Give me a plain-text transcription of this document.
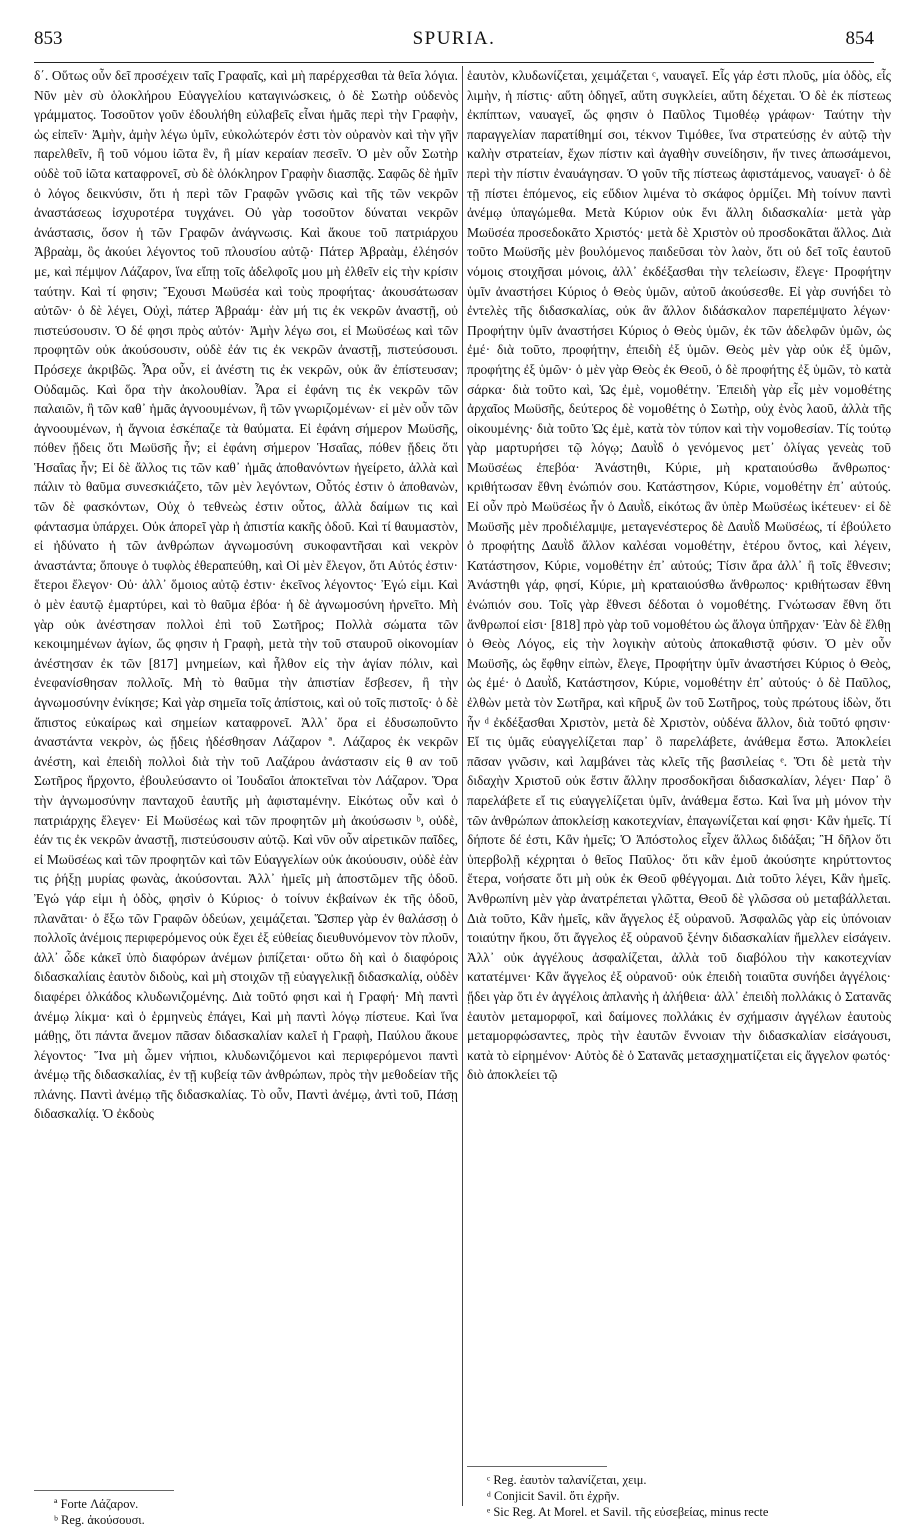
853	SPURIA.	854

δ΄. Οὕτως οὖν δεῖ προσέχειν ταῖς Γραφαῖς, καὶ μὴ παρέρχεσθαι τὰ θεῖα λόγια. Νῦν μὲν σὺ ὁλοκλήρου Εὐαγγελίου καταγινώσκεις, ὁ δὲ Σωτὴρ οὐδενὸς γράμματος. Τοσοῦτον γοῦν ἐδουλήθη εὐλαβεῖς εἶναι ἡμᾶς περὶ τὴν Γραφὴν, ὡς εἰπεῖν· Ἀμὴν, ἀμὴν λέγω ὑμῖν, εὐκολώτερόν ἐστι τὸν οὐρανὸν καὶ τὴν γῆν παρελθεῖν, ἢ τοῦ νόμου ἰῶτα ἓν, ἢ μίαν κεραίαν πεσεῖν. Ὁ μὲν οὖν Σωτὴρ οὐδὲ τοῦ ἰῶτα καταφρονεῖ, σὺ δὲ ὁλόκληρον Γραφὴν διασπᾷς. Σαφῶς δὲ ἡμῖν ὁ λόγος δεικνύσιν, ὅτι ἡ περὶ τῶν Γραφῶν γνῶσις καὶ τῆς τῶν νεκρῶν ἀναστάσεως ἰσχυροτέρα τυγχάνει. Οὐ γὰρ τοσοῦτον δύναται νεκρῶν ἀνάστασις, ὅσον ἡ τῶν Γραφῶν ἀνάγνωσις. Καὶ ἄκουε τοῦ πατριάρχου Ἀβραὰμ, ὃς ἀκούει λέγοντος τοῦ πλουσίου αὐτῷ· Πάτερ Ἀβραὰμ, ἐλέησόν με, καὶ πέμψον Λάζαρον, ἵνα εἴπῃ τοῖς ἀδελφοῖς μου μὴ ἐλθεῖν εἰς τὴν κρίσιν ταύτην. Καὶ τί φησιν; Ἔχουσι Μωϋσέα καὶ τοὺς προφήτας· ἀκουσάτωσαν αὐτῶν· ὁ δὲ λέγει, Οὐχὶ, πάτερ Ἀβραάμ· ἐὰν μή τις ἐκ νεκρῶν ἀναστῇ, οὐ πιστεύσουσιν. Ὁ δέ φησι πρὸς αὐτόν· Ἀμὴν λέγω σοι, εἰ Μωϋσέως καὶ τῶν προφητῶν οὐκ ἀκούσουσιν, οὐδὲ ἐάν τις ἐκ νεκρῶν ἀναστῇ, πιστεύσουσι. Πρόσεχε ἀκριβῶς. Ἆρα οὖν, εἰ ἀνέστη τις ἐκ νεκρῶν, οὐκ ἂν ἐπίστευσαν; Οὐδαμῶς. Καὶ ὅρα τὴν ἀκολουθίαν. Ἆρα εἰ ἐφάνη τις ἐκ νεκρῶν τῶν παλαιῶν, ἢ τῶν καθ᾽ ἡμᾶς ἀγνοουμένων, ἢ τῶν γνωριζομένων· εἰ μὲν οὖν τῶν ἀγνοουμένων, ἡ ἄγνοια ἐσκέπαζε τὰ θαύματα. Εἰ ἐφάνη σήμερον Μωϋσῆς, πόθεν ᾔδεις ὅτι Μωϋσῆς ἦν; εἰ ἐφάνη σήμερον Ἡσαΐας, πόθεν ᾔδεις ὅτι Ἡσαΐας ἦν; Εἰ δὲ ἄλλος τις τῶν καθ᾽ ἡμᾶς ἀποθανόντων ἠγείρετο, ἀλλὰ καὶ πάλιν τὸ θαῦμα συνεσκιάζετο, τῶν μὲν λεγόντων, Οὗτός ἐστιν ὁ ἀποθανὼν, τῶν δὲ φασκόντων, Οὐχ ὁ τεθνεὼς ἐστιν οὗτος, ἀλλὰ δαίμων τις καὶ φάντασμα ὑπάρχει. Οὐκ ἀπορεῖ γὰρ ἡ ἀπιστία κακῆς ὁδοῦ. Καὶ τί θαυμαστὸν, εἰ ἠδύνατο ἡ τῶν ἀνθρώπων ἀγνωμοσύνη συκοφαντῆσαι καὶ νεκρὸν ἀναστάντα; ὅπουγε ὁ τυφλὸς ἐθεραπεύθη, καὶ Οἱ μὲν ἔλεγον, ὅτι Αὐτός ἐστιν· ἕτεροι ἔλεγον· Οὐ· ἀλλ᾽ ὅμοιος αὐτῷ ἐστιν· ἐκεῖνος λέγοντος· Ἐγώ εἰμι. Καὶ ὁ μὲν ἑαυτῷ ἐμαρτύρει, καὶ τὸ θαῦμα ἐβόα· ἡ δὲ ἀγνωμοσύνη ἠρνεῖτο. Μὴ γὰρ οὐκ ἀνέστησαν πολλοὶ ἐπὶ τοῦ Σωτῆρος; Πολλὰ σώματα τῶν κεκοιμημένων ἁγίων, ὥς φησιν ἡ Γραφὴ, μετὰ τὴν τοῦ σταυροῦ οἰκονομίαν ἀνέστησαν ἐκ τῶν [817] μνημείων, καὶ ἦλθον εἰς τὴν ἁγίαν πόλιν, καὶ ἐνεφανίσθησαν πολλοῖς. Μὴ τὸ θαῦμα τὴν ἀπιστίαν ἔσβεσεν, ἢ τὴν ἀγνωμοσύνην ἐνίκησε; Καὶ γὰρ σημεῖα τοῖς ἀπίστοις, καὶ οὐ τοῖς πιστοῖς· ὁ δὲ ἄπιστος εὐκαίρως καὶ σημείων καταφρονεῖ. Ἀλλ᾽ ὅρα εἰ ἐδυσωποῦντο ἀναστάντα νεκρὸν, ὡς ᾔδεις ἠδέσθησαν Λάζαρον ª. Λάζαρος ἐκ νεκρῶν ἀνέστη, καὶ ἐπειδὴ πολλοὶ διὰ τὴν τοῦ Λαζάρου ἀνάστασιν εἰς θ αν τοῦ Σωτῆρος ἤρχοντο, ἐβουλεύσαντο οἱ Ἰουδαῖοι ἀποκτεῖναι τὸν Λάζαρον. Ὅρα τὴν ἀγνωμοσύνην πανταχοῦ ἑαυτῆς μὴ ἀφισταμένην. Εἰκότως οὖν καὶ ὁ πατριάρχης ἔλεγεν· Εἰ Μωϋσέως καὶ τῶν προφητῶν μὴ ἀκούσωσιν ᵇ, οὐδὲ, ἐάν τις ἐκ νεκρῶν ἀναστῇ, πιστεύσουσιν αὐτῷ. Καὶ νῦν οὖν αἱρετικῶν παῖδες, εἰ Μωϋσέως καὶ τῶν προφητῶν καὶ τῶν Εὐαγγελίων οὐκ ἀκούουσιν, οὐδὲ ἐὰν τις ῥήξῃ μυρίας φωνὰς, ἀκούσονται. Ἀλλ᾽ ἡμεῖς μὴ ἀποστῶμεν τῆς ὁδοῦ. Ἐγώ γάρ εἰμι ἡ ὁδὸς, φησὶν ὁ Κύριος· ὁ τοίνυν ἐκβαίνων ἐκ τῆς ὁδοῦ, πλανᾶται· ὁ ἔξω τῶν Γραφῶν ὁδεύων, χειμάζεται. Ὥσπερ γὰρ ἐν θαλάσσῃ ὁ πολλοῖς ἀνέμοις περιφερόμενος οὐκ ἔχει ἐξ εὐθείας διευθυνόμενον τὸν πλοῦν, ἀλλ᾽ ὧδε κἀκεῖ ὑπὸ διαφόρων ἀνέμων ῥιπίζεται· οὕτω δὴ καὶ ὁ διαφόροις διδασκαλίαις ἑαυτὸν διδοὺς, καὶ μὴ στοιχῶν τῇ εὐαγγελικῇ διδασκαλίᾳ, οὐδὲν διαφέρει ὁλκάδος κλυδωνιζομένης. Διὰ τοῦτό φησι καὶ ἡ Γραφή· Μὴ παντὶ ἀνέμῳ λίκμα· καὶ ὁ ἑρμηνεὺς ἐπάγει, Καὶ μὴ παντὶ λόγῳ πίστευε. Καὶ ἵνα μάθῃς, ὅτι πάντα ἄνεμον πᾶσαν διδασκαλίαν καλεῖ ἡ Γραφὴ, Παύλου ἄκουε λέγοντος· Ἵνα μὴ ὦμεν νήπιοι, κλυδωνιζόμενοι καὶ περιφερόμενοι παντὶ ἀνέμῳ τῆς διδασκαλίας, ἐν τῇ κυβείᾳ τῶν ἀνθρώπων, πρὸς τὴν μεθοδείαν τῆς πλάνης. Παντὶ ἀνέμῳ τῆς διδασκαλίας. Τὸ οὖν, Παντὶ ἀνέμῳ, ἀντὶ τοῦ, Πάσῃ διδασκαλίᾳ. Ὁ ἐκδοὺς

ἑαυτὸν, κλυδωνίζεται, χειμάζεται ᶜ, ναυαγεῖ. Εἷς γάρ ἐστι πλοῦς, μία ὁδὸς, εἷς λιμὴν, ἡ πίστις· αὕτη ὁδηγεῖ, αὕτη συγκλείει, αὕτη δέχεται. Ὁ δὲ ἐκ πίστεως ἐκπίπτων, ναυαγεῖ, ὥς φησιν ὁ Παῦλος Τιμοθέῳ γράφων· Ταύτην τὴν παραγγελίαν παρατίθημί σοι, τέκνον Τιμόθεε, ἵνα στρατεύσῃς ἐν αὐτῷ τὴν καλὴν στρατείαν, ἔχων πίστιν καὶ ἀγαθὴν συνείδησιν, ἥν τινες ἀπωσάμενοι, περὶ τὴν πίστιν ἐναυάγησαν. Ὁ γοῦν τῆς πίστεως ἀφιστάμενος, ναυαγεῖ· ὁ δὲ τῇ πίστει ἑπόμενος, εἰς εὔδιον λιμένα τὸ σκάφος ὁρμίζει. Μὴ τοίνυν παντὶ ἀνέμῳ ὑπαγώμεθα. Μετὰ Κύριον οὐκ ἔνι ἄλλη διδασκαλία· μετὰ γὰρ Μωϋσέα προσεδοκᾶτο Χριστός· μετὰ δὲ Χριστὸν οὐ προσδοκᾶται ἄλλος. Διὰ τοῦτο Μωϋσῆς μὲν βουλόμενος παιδεῦσαι τὸν λαὸν, ὅτι οὐ δεῖ τοῖς ἑαυτοῦ νόμοις στοιχῆσαι μόνοις, ἀλλ᾽ ἐκδέξασθαι τὴν τελείωσιν, ἔλεγε· Προφήτην ὑμῖν ἀναστήσει Κύριος ὁ Θεὸς ὑμῶν, αὐτοῦ ἀκούσεσθε. Εἰ γὰρ συνήδει τὸ ἐντελὲς τῆς διδασκαλίας, οὐκ ἂν ἄλλον διδάσκαλον παρεπέμψατο λέγων· Προφήτην ὑμῖν ἀναστήσει Κύριος ὁ Θεὸς ὑμῶν, ἐκ τῶν ἀδελφῶν ὑμῶν, ὡς ἐμέ· διὰ τοῦτο, προφήτην, ἐπειδὴ ἐξ ὑμῶν. Θεὸς μὲν γὰρ οὐκ ἐξ ὑμῶν, προφήτης ἐξ ὑμῶν· ὁ μὲν γὰρ Θεὸς ἐκ Θεοῦ, ὁ δὲ προφήτης ἐξ ὑμῶν, τὸ κατὰ σάρκα· διὰ τοῦτο καὶ, Ὡς ἐμὲ, νομοθέτην. Ἐπειδὴ γὰρ εἷς μὲν νομοθέτης ἀρχαῖος Μωϋσῆς, δεύτερος δὲ νομοθέτης ὁ Σωτὴρ, οὐχ ἑνὸς λαοῦ, ἀλλὰ τῆς οἰκουμένης· διὰ τοῦτο Ὡς ἐμὲ, κατὰ τὸν τύπον καὶ τὴν νομοθεσίαν. Τίς τούτῳ γὰρ μαρτυρήσει τῷ λόγῳ; Δαυῒδ ὁ γενόμενος μετ᾽ ὀλίγας γενεὰς τοῦ Μωϋσέως ἐπεβόα· Ἀνάστηθι, Κύριε, μὴ κραταιούσθω ἄνθρωπος· κριθήτωσαν ἔθνη ἐνώπιόν σου. Κατάστησον, Κύριε, νομοθέτην ἐπ᾽ αὐτούς. Εἰ οὖν πρὸ Μωϋσέως ἦν ὁ Δαυῒδ, εἰκότως ἂν ὑπὲρ Μωϋσέως ἱκέτευεν· εἰ δὲ Μωϋσῆς μὲν προδιέλαμψε, μεταγενέστερος δὲ Δαυῒδ Μωϋσέως, τί ἐβούλετο ὁ προφήτης Δαυῒδ ἄλλον καλέσαι νομοθέτην, ἑτέρου ὄντος, καὶ λέγειν, Κατάστησον, Κύριε, νομοθέτην ἐπ᾽ αὐτούς; Τίσιν ἄρα ἀλλ᾽ ἢ τοῖς ἔθνεσιν; Ἀνάστηθι γάρ, φησί, Κύριε, μὴ κραταιούσθω ἄνθρωπος· κριθήτωσαν ἔθνη ἐνώπιόν σου. Τοῖς γὰρ ἔθνεσι δέδοται ὁ νομοθέτης. Γνώτωσαν ἔθνη ὅτι ἄνθρωποί εἰσι· [818] πρὸ γὰρ τοῦ νομοθέτου ὡς ἄλογα ὑπῆρχαν· Ἐὰν δὲ ἔλθῃ ὁ Θεὸς Λόγος, εἰς τὴν λογικὴν αὐτοὺς ἀποκαθιστᾷ φύσιν. Ὁ μὲν οὖν Μωϋσῆς, ὡς ἔφθην εἰπὼν, ἔλεγε, Προφήτην ὑμῖν ἀναστήσει Κύριος ὁ Θεὸς, ὡς ἐμέ· ὁ Δαυῒδ, Κατάστησον, Κύριε, νομοθέτην ἐπ᾽ αὐτούς· ὁ δὲ Παῦλος, ἐλθὼν μετὰ τὸν Σωτῆρα, καὶ κῆρυξ ὢν τοῦ Σωτῆρος, τοὺς πρώτους ἰδὼν, ὅτι ἦν ᵈ ἐκδέξασθαι Χριστὸν, μετὰ δὲ Χριστὸν, οὐδένα ἄλλον, διὰ τοῦτό φησιν· Εἴ τις ὑμᾶς εὐαγγελίζεται παρ᾽ ὃ παρελάβετε, ἀνάθεμα ἔστω. Ἀποκλείει πᾶσαν γνῶσιν, καὶ λαμβάνει τὰς κλεῖς τῆς βασιλείας ᵉ. Ὅτι δὲ μετὰ τὴν διδαχὴν Χριστοῦ οὐκ ἔστιν ἄλλην προσδοκῆσαι διδασκαλίαν, λέγει· Παρ᾽ ὃ παρελάβετε εἴ τις εὐαγγελίζεται ὑμῖν, ἀνάθεμα ἔστω. Καὶ ἵνα μὴ μόνον τὴν τῶν ἀνθρώπων ἀποκλείσῃ κακοτεχνίαν, ἐπαγωνίζεται καί φησι· Κἂν ἡμεῖς. Τί δήποτε δέ ἐστι, Κἂν ἡμεῖς; Ὁ Ἀπόστολος εἶχεν ἄλλως διδάξαι; Ἢ δῆλον ὅτι ὑπερβολῇ κέχρηται ὁ θεῖος Παῦλος· ὅτι κἂν ἐμοῦ ἀκούσητε κηρύττοντος ἕτερα, νοήσατε ὅτι μὴ οὐκ ἐκ Θεοῦ φθέγγομαι. Διὰ τοῦτο λέγει, Κἂν ἡμεῖς. Ἀνθρωπίνη μὲν γὰρ ἀνατρέπεται γλῶττα, Θεοῦ δὲ γλῶσσα οὐ μεταβάλλεται. Διὰ τοῦτο, Κἂν ἡμεῖς, κἂν ἄγγελος ἐξ οὐρανοῦ. Ἀσφαλῶς γὰρ εἰς ὑπόνοιαν τοιαύτην ἥκου, ὅτι ἄγγελος ἐξ οὐρανοῦ ξένην διδασκαλίαν ἤμελλεν εἰσάγειν. Ἀλλ᾽ οὐκ ἀγγέλους ἀσφαλίζεται, ἀλλὰ τοῦ διαβόλου τὴν κακοτεχνίαν κατατέμνει· Κἂν ἄγγελος ἐξ οὐρανοῦ· οὐκ ἐπειδὴ τοιαῦτα συνήδει ἀγγέλοις· ᾔδει γὰρ ὅτι ἐν ἀγγέλοις ἁπλανὴς ἡ ἀλήθεια· ἀλλ᾽ ἐπειδὴ πολλάκις ὁ Σατανᾶς ἑαυτὸν μεταμορφοῖ, καὶ δαίμονες πολλάκις ἐν σχήμασιν ἀγγέλων ἑαυτοὺς μεταμορφώσαντες, πρὸς τὴν ἑαυτῶν ἔννοιαν τὴν διδασκαλίαν εἰσάγουσι, κατὰ τὸ εἰρημένον· Αὐτὸς δὲ ὁ Σατανᾶς μετασχηματίζεται εἰς ἄγγελον φωτός· διὸ ἀποκλείει τῷ

ª Forte Λάζαρον.
ᵇ Reg. ἀκούσουσι.
ᶜ Reg. ἑαυτὸν ταλανίζεται, χειμ.
ᵈ Conjicit Savil. ὅτι ἐχρῆν.
ᵉ Sic Reg. At Morel. et Savil. τῆς εὐσεβείας, minus recte
